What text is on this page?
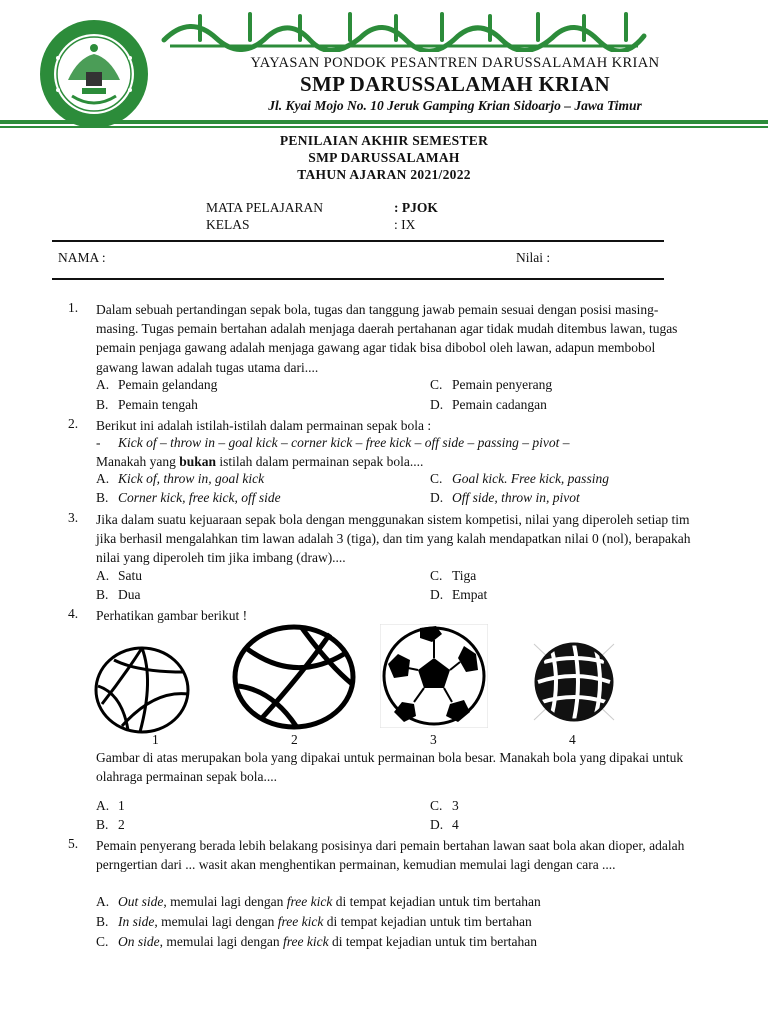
YAYASAN PONDOK PESANTREN DARUSSALAMAH KRIAN
SMP DARUSSALAMAH KRIAN
Jl. Kyai Mojo No. 10 Jeruk Gamping Krian Sidoarjo – Jawa Timur
PENILAIAN AKHIR SEMESTER
SMP DARUSSALAMAH
TAHUN AJARAN 2021/2022
MATA PELAJARAN	: PJOK
KELAS	: IX
NAMA :	Nilai :
1. Dalam sebuah pertandingan sepak bola, tugas dan tanggung jawab pemain sesuai dengan posisi masing-masing. Tugas pemain bertahan adalah menjaga daerah pertahanan agar tidak mudah ditembus lawan, tugas pemain penjaga gawang adalah menjaga gawang agar tidak bisa dibobol oleh lawan, adapun membobol gawang lawan adalah tugas utama dari....
A. Pemain gelandang	C. Pemain penyerang
B. Pemain tengah	D. Pemain cadangan
2. Berikut ini adalah istilah-istilah dalam permainan sepak bola :
- Kick of – throw in – goal kick – corner kick – free kick – off side – passing – pivot –
Manakah yang bukan istilah dalam permainan sepak bola....
A. Kick of, throw in, goal kick	C. Goal kick. Free kick, passing
B. Corner kick, free kick, off side	D. Off side, throw in, pivot
3. Jika dalam suatu kejuaraan sepak bola dengan menggunakan sistem kompetisi, nilai yang diperoleh setiap tim jika berhasil mengalahkan tim lawan adalah 3 (tiga), dan tim yang kalah mendapatkan nilai 0 (nol), berapakah nilai yang diperoleh tim jika imbang (draw)....
A. Satu	C. Tiga
B. Dua	D. Empat
4. Perhatikan gambar berikut !
1	2	3	4
Gambar di atas merupakan bola yang dipakai untuk permainan bola besar. Manakah bola yang dipakai untuk olahraga permainan sepak bola....
A. 1	C. 3
B. 2	D. 4
5. Pemain penyerang berada lebih belakang posisinya dari pemain bertahan lawan saat bola akan dioper, adalah perngertian dari ... wasit akan menghentikan permainan, kemudian memulai lagi dengan cara ....
A. Out side, memulai lagi dengan free kick di tempat kejadian untuk tim bertahan
B. In side, memulai lagi dengan free kick di tempat kejadian untuk tim bertahan
C. On side, memulai lagi dengan free kick di tempat kejadian untuk tim bertahan
